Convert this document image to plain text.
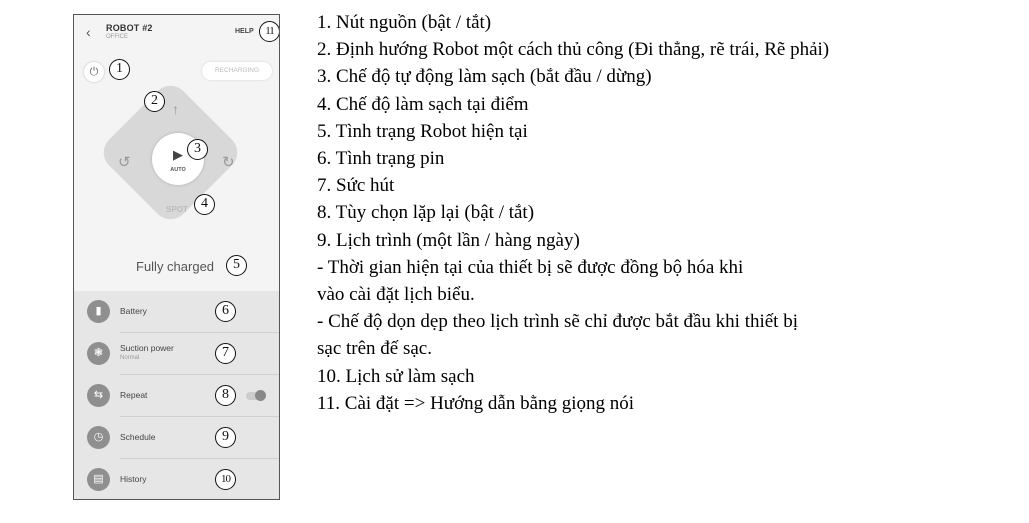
‹ ROBOT #2
OFFICE
HELP	11
⏻	1	RECHARGING
↑
2
↺	↻
▶
AUTO
3
SPOT 4
Fully charged	5
▮	Battery	6
❃	Suction power
Normal	7
⇆	Repeat	8
◷	Schedule	9
▤	History	10
1. Nút nguồn (bật / tắt)
2. Định hướng Robot một cách thủ công (Đi thẳng, rẽ trái, Rẽ phải)
3. Chế độ tự động làm sạch (bắt đầu / dừng)
4. Chế độ làm sạch tại điểm
5. Tình trạng Robot hiện tại
6. Tình trạng pin
7. Sức hút
8. Tùy chọn lặp lại (bật / tắt)
9. Lịch trình (một lần / hàng ngày)
- Thời gian hiện tại của thiết bị sẽ được đồng bộ hóa khi
vào cài đặt lịch biểu.
- Chế độ dọn dẹp theo lịch trình sẽ chỉ được bắt đầu khi thiết bị
sạc trên đế sạc.
10. Lịch sử làm sạch
11. Cài đặt => Hướng dẫn bằng giọng nói
